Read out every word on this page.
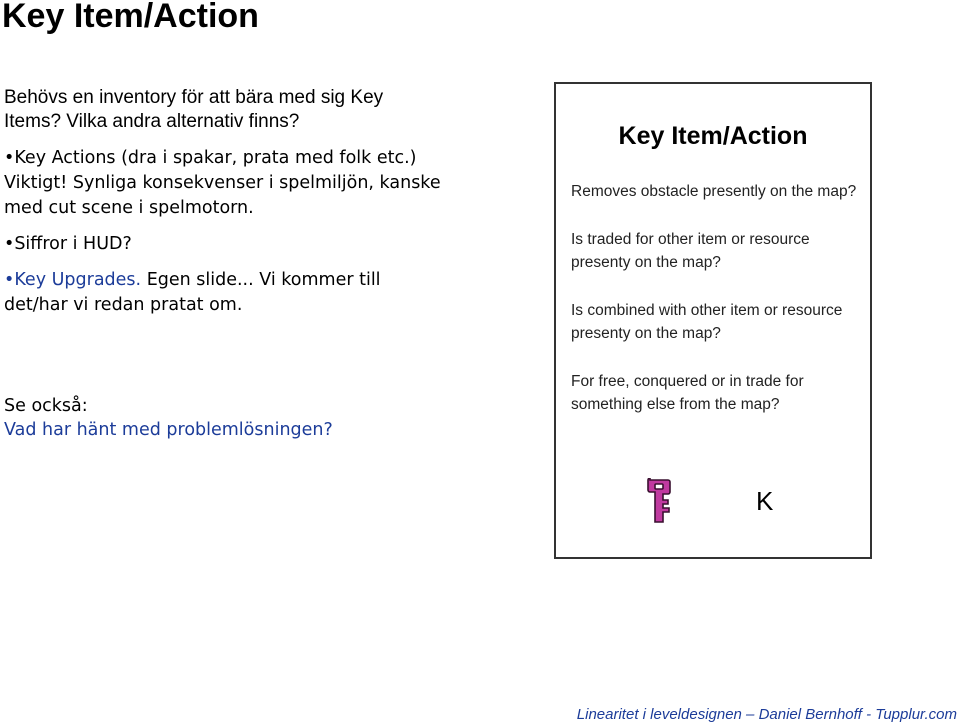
Key Item/Action

Behövs en inventory för att bära med sig Key Items? Vilka andra alternativ finns?

•Key Actions (dra i spakar, prata med folk etc.) Viktigt! Synliga konsekvenser i spelmiljön, kanske med cut scene i spelmotorn.
•Siffror i HUD?
•Key Upgrades. Egen slide... Vi kommer till det/har vi redan pratat om.
Se också:
Vad har hänt med problemlösningen?
Key Item/Action
Removes obstacle presently on the map?
Is traded for other item or resource presenty on the map?
Is combined with other item or resource presenty on the map?
For free, conquered or in trade for something else from the map?

K

Linearitet i leveldesignen – Daniel Bernhoff - Tupplur.com
